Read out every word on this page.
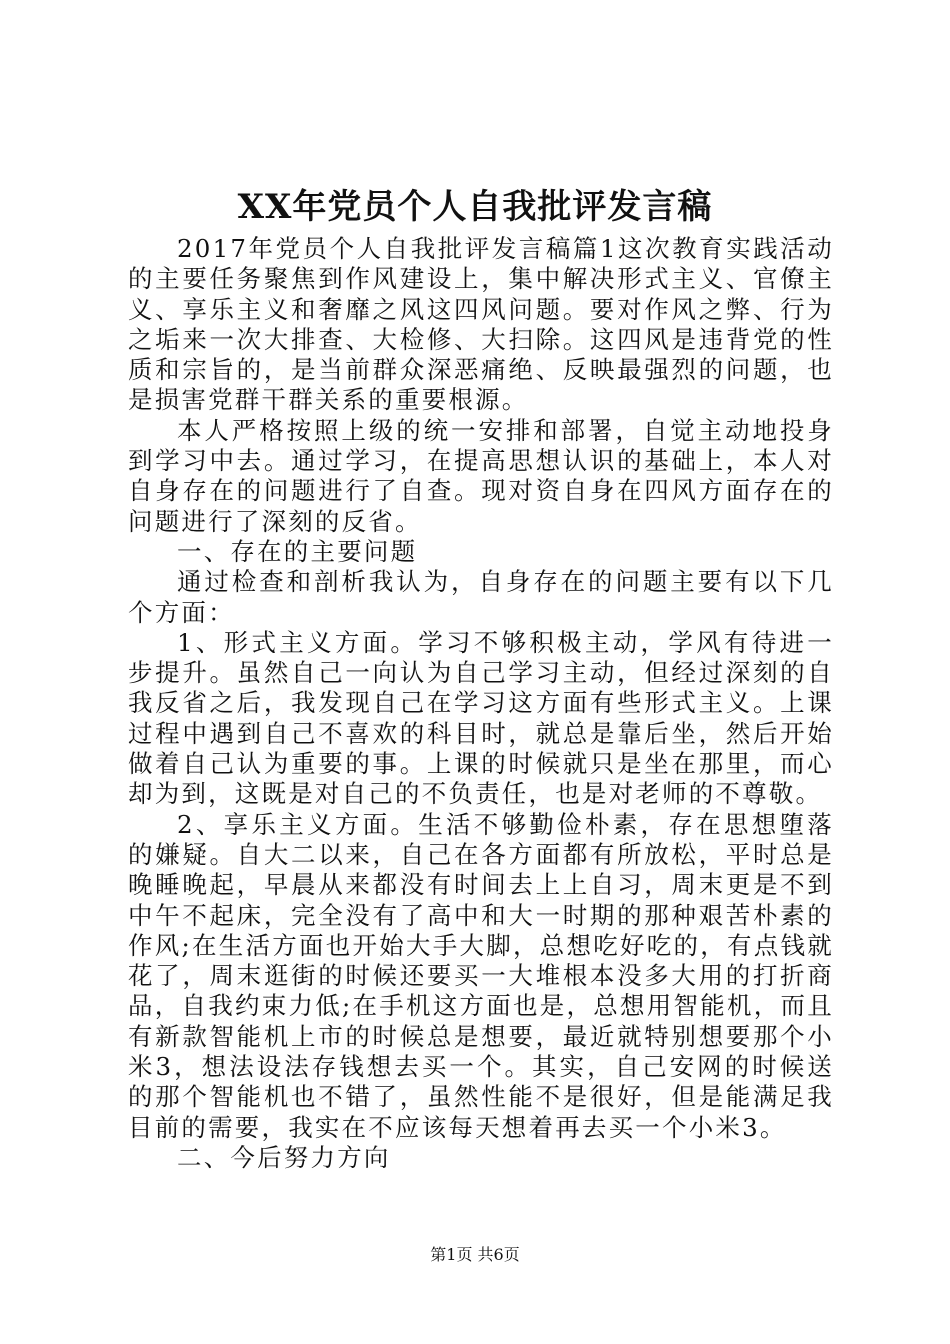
XX年党员个人自我批评发言稿

2017年党员个人自我批评发言稿篇1这次教育实践活动的主要任务聚焦到作风建设上，集中解决形式主义、官僚主义、享乐主义和奢靡之风这四风问题。要对作风之弊、行为之垢来一次大排查、大检修、大扫除。这四风是违背党的性质和宗旨的，是当前群众深恶痛绝、反映最强烈的问题，也是损害党群干群关系的重要根源。

本人严格按照上级的统一安排和部署，自觉主动地投身到学习中去。通过学习，在提高思想认识的基础上，本人对自身存在的问题进行了自查。现对资自身在四风方面存在的问题进行了深刻的反省。

一、存在的主要问题

通过检查和剖析我认为，自身存在的问题主要有以下几个方面：

1、形式主义方面。学习不够积极主动，学风有待进一步提升。虽然自己一向认为自己学习主动，但经过深刻的自我反省之后，我发现自己在学习这方面有些形式主义。上课过程中遇到自己不喜欢的科目时，就总是靠后坐，然后开始做着自己认为重要的事。上课的时候就只是坐在那里，而心却为到，这既是对自己的不负责任，也是对老师的不尊敬。

2、享乐主义方面。生活不够勤俭朴素，存在思想堕落的嫌疑。自大二以来，自己在各方面都有所放松，平时总是晚睡晚起，早晨从来都没有时间去上上自习，周末更是不到中午不起床，完全没有了高中和大一时期的那种艰苦朴素的作风;在生活方面也开始大手大脚，总想吃好吃的，有点钱就花了，周末逛街的时候还要买一大堆根本没多大用的打折商品，自我约束力低;在手机这方面也是，总想用智能机，而且有新款智能机上市的时候总是想要，最近就特别想要那个小米3，想法设法存钱想去买一个。其实，自己安网的时候送的那个智能机也不错了，虽然性能不是很好，但是能满足我目前的需要，我实在不应该每天想着再去买一个小米3。

二、今后努力方向

第1页 共6页
